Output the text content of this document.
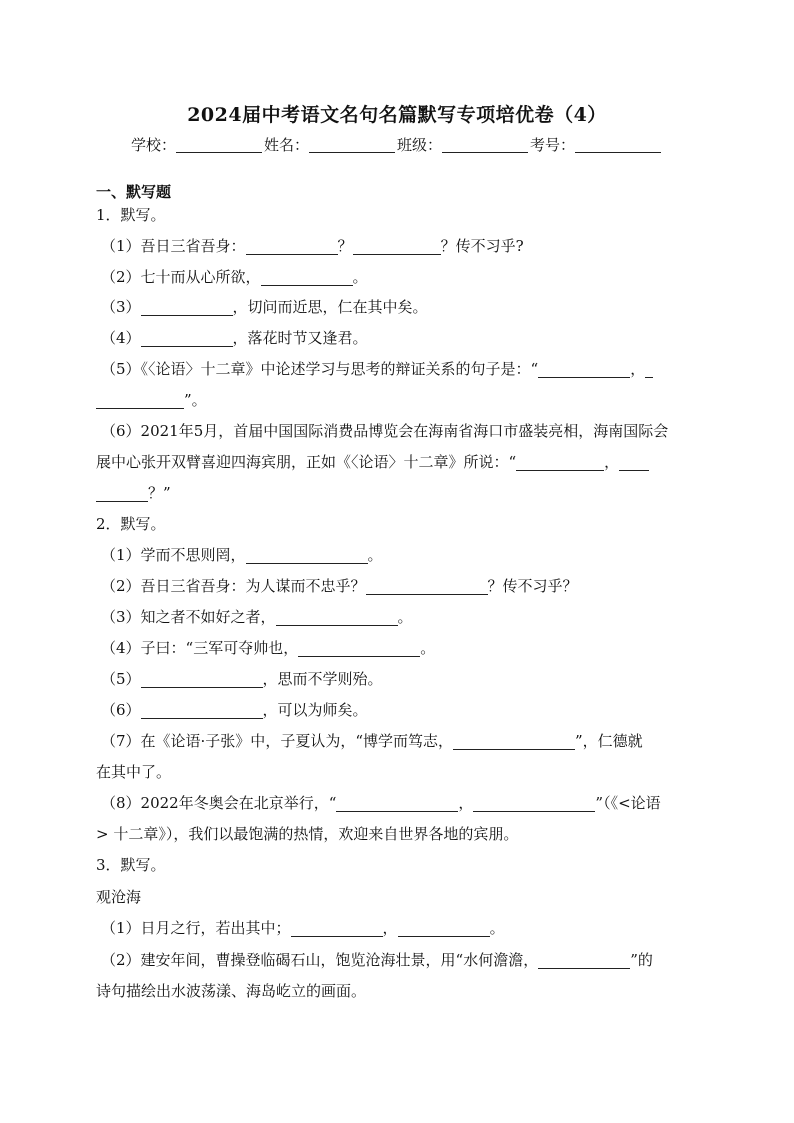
2024届中考语文名句名篇默写专项培优卷（4）
学校：	姓名：	班级：	考号：
一、默写题
1．默写。
（1）吾日三省吾身：	？	？传不习乎?
（2）七十而从心所欲，	。
（3）	，切问而近思，仁在其中矣。
（4）	，落花时节又逢君。
（5）《〈论语〉十二章》中论述学习与思考的辩证关系的句子是：“	，
”。
（6）2021年5月，首届中国国际消费品博览会在海南省海口市盛装亮相，海南国际会
展中心张开双臂喜迎四海宾朋，正如《〈论语〉十二章》所说：“	，
？”
2．默写。
（1）学而不思则罔，	。
（2）吾日三省吾身：为人谋而不忠乎？	？传不习乎？
（3）知之者不如好之者，	。
（4）子曰：“三军可夺帅也，	。
（5）	，思而不学则殆。
（6）	，可以为师矣。
（7）在《论语·子张》中，子夏认为，“博学而笃志，	”，仁德就
在其中了。
（8）2022年冬奥会在北京举行，“	，	”（《<论语
> 十二章》），我们以最饱满的热情，欢迎来自世界各地的宾朋。
3．默写。
观沧海
（1）日月之行，若出其中；	，	。
（2）建安年间，曹操登临碣石山，饱览沧海壮景，用“水何澹澹，	”的
诗句描绘出水波荡漾、海岛屹立的画面。
